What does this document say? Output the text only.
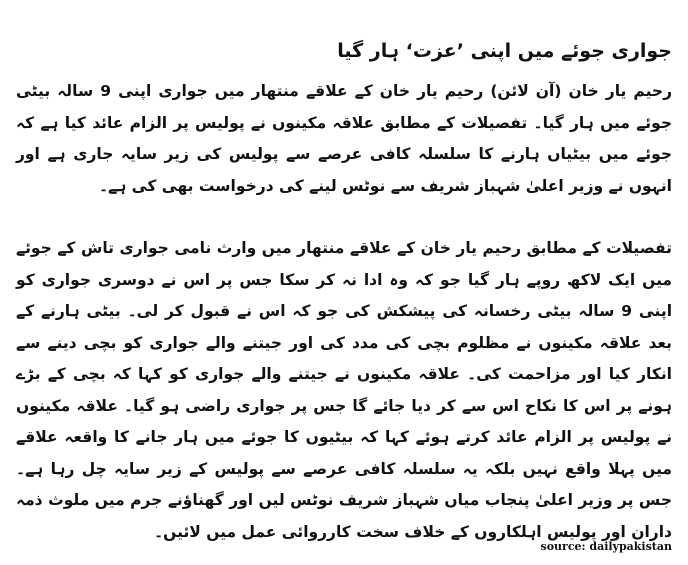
جواری جوئے میں اپنی ’عزت‘ ہار گیا

رحیم یار خان (آن لائن) رحیم یار خان کے علاقے منتھار میں جواری اپنی 9 سالہ بیٹی جوئے میں ہار گیا۔ تفصیلات کے مطابق علاقہ مکینوں نے پولیس پر الزام عائد کیا ہے کہ جوئے میں بیٹیاں ہارنے کا سلسلہ کافی عرصے سے پولیس کی زیر سایہ جاری ہے اور انہوں نے وزیر اعلیٰ شہباز شریف سے نوٹس لینے کی درخواست بھی کی ہے۔

تفصیلات کے مطابق رحیم یار خان کے علاقے منتھار میں وارث نامی جواری تاش کے جوئے میں ایک لاکھ روپے ہار گیا جو کہ وہ ادا نہ کر سکا جس پر اس نے دوسری جواری کو اپنی 9 سالہ بیٹی رخسانہ کی پیشکش کی جو کہ اس نے قبول کر لی۔ بیٹی ہارنے کے بعد علاقہ مکینوں نے مظلوم بچی کی مدد کی اور جیتنے والے جواری کو بچی دینے سے انکار کیا اور مزاحمت کی۔ علاقہ مکینوں نے جیتنے والے جواری کو کہا کہ بچی کے بڑے ہونے پر اس کا نکاح اس سے کر دیا جائے گا جس پر جواری راضی ہو گیا۔ علاقہ مکینوں نے پولیس پر الزام عائد کرتے ہوئے کہا کہ بیٹیوں کا جوئے میں ہار جانے کا واقعہ علاقے میں پہلا واقع نہیں بلکہ یہ سلسلہ کافی عرصے سے پولیس کے زیر سایہ چل رہا ہے۔ جس پر وزیر اعلیٰ پنجاب میاں شہباز شریف نوٹس لیں اور گھناؤنے جرم میں ملوث ذمہ داران اور پولیس اہلکاروں کے خلاف سخت کارروائی عمل میں لائیں۔

source: dailypakistan
